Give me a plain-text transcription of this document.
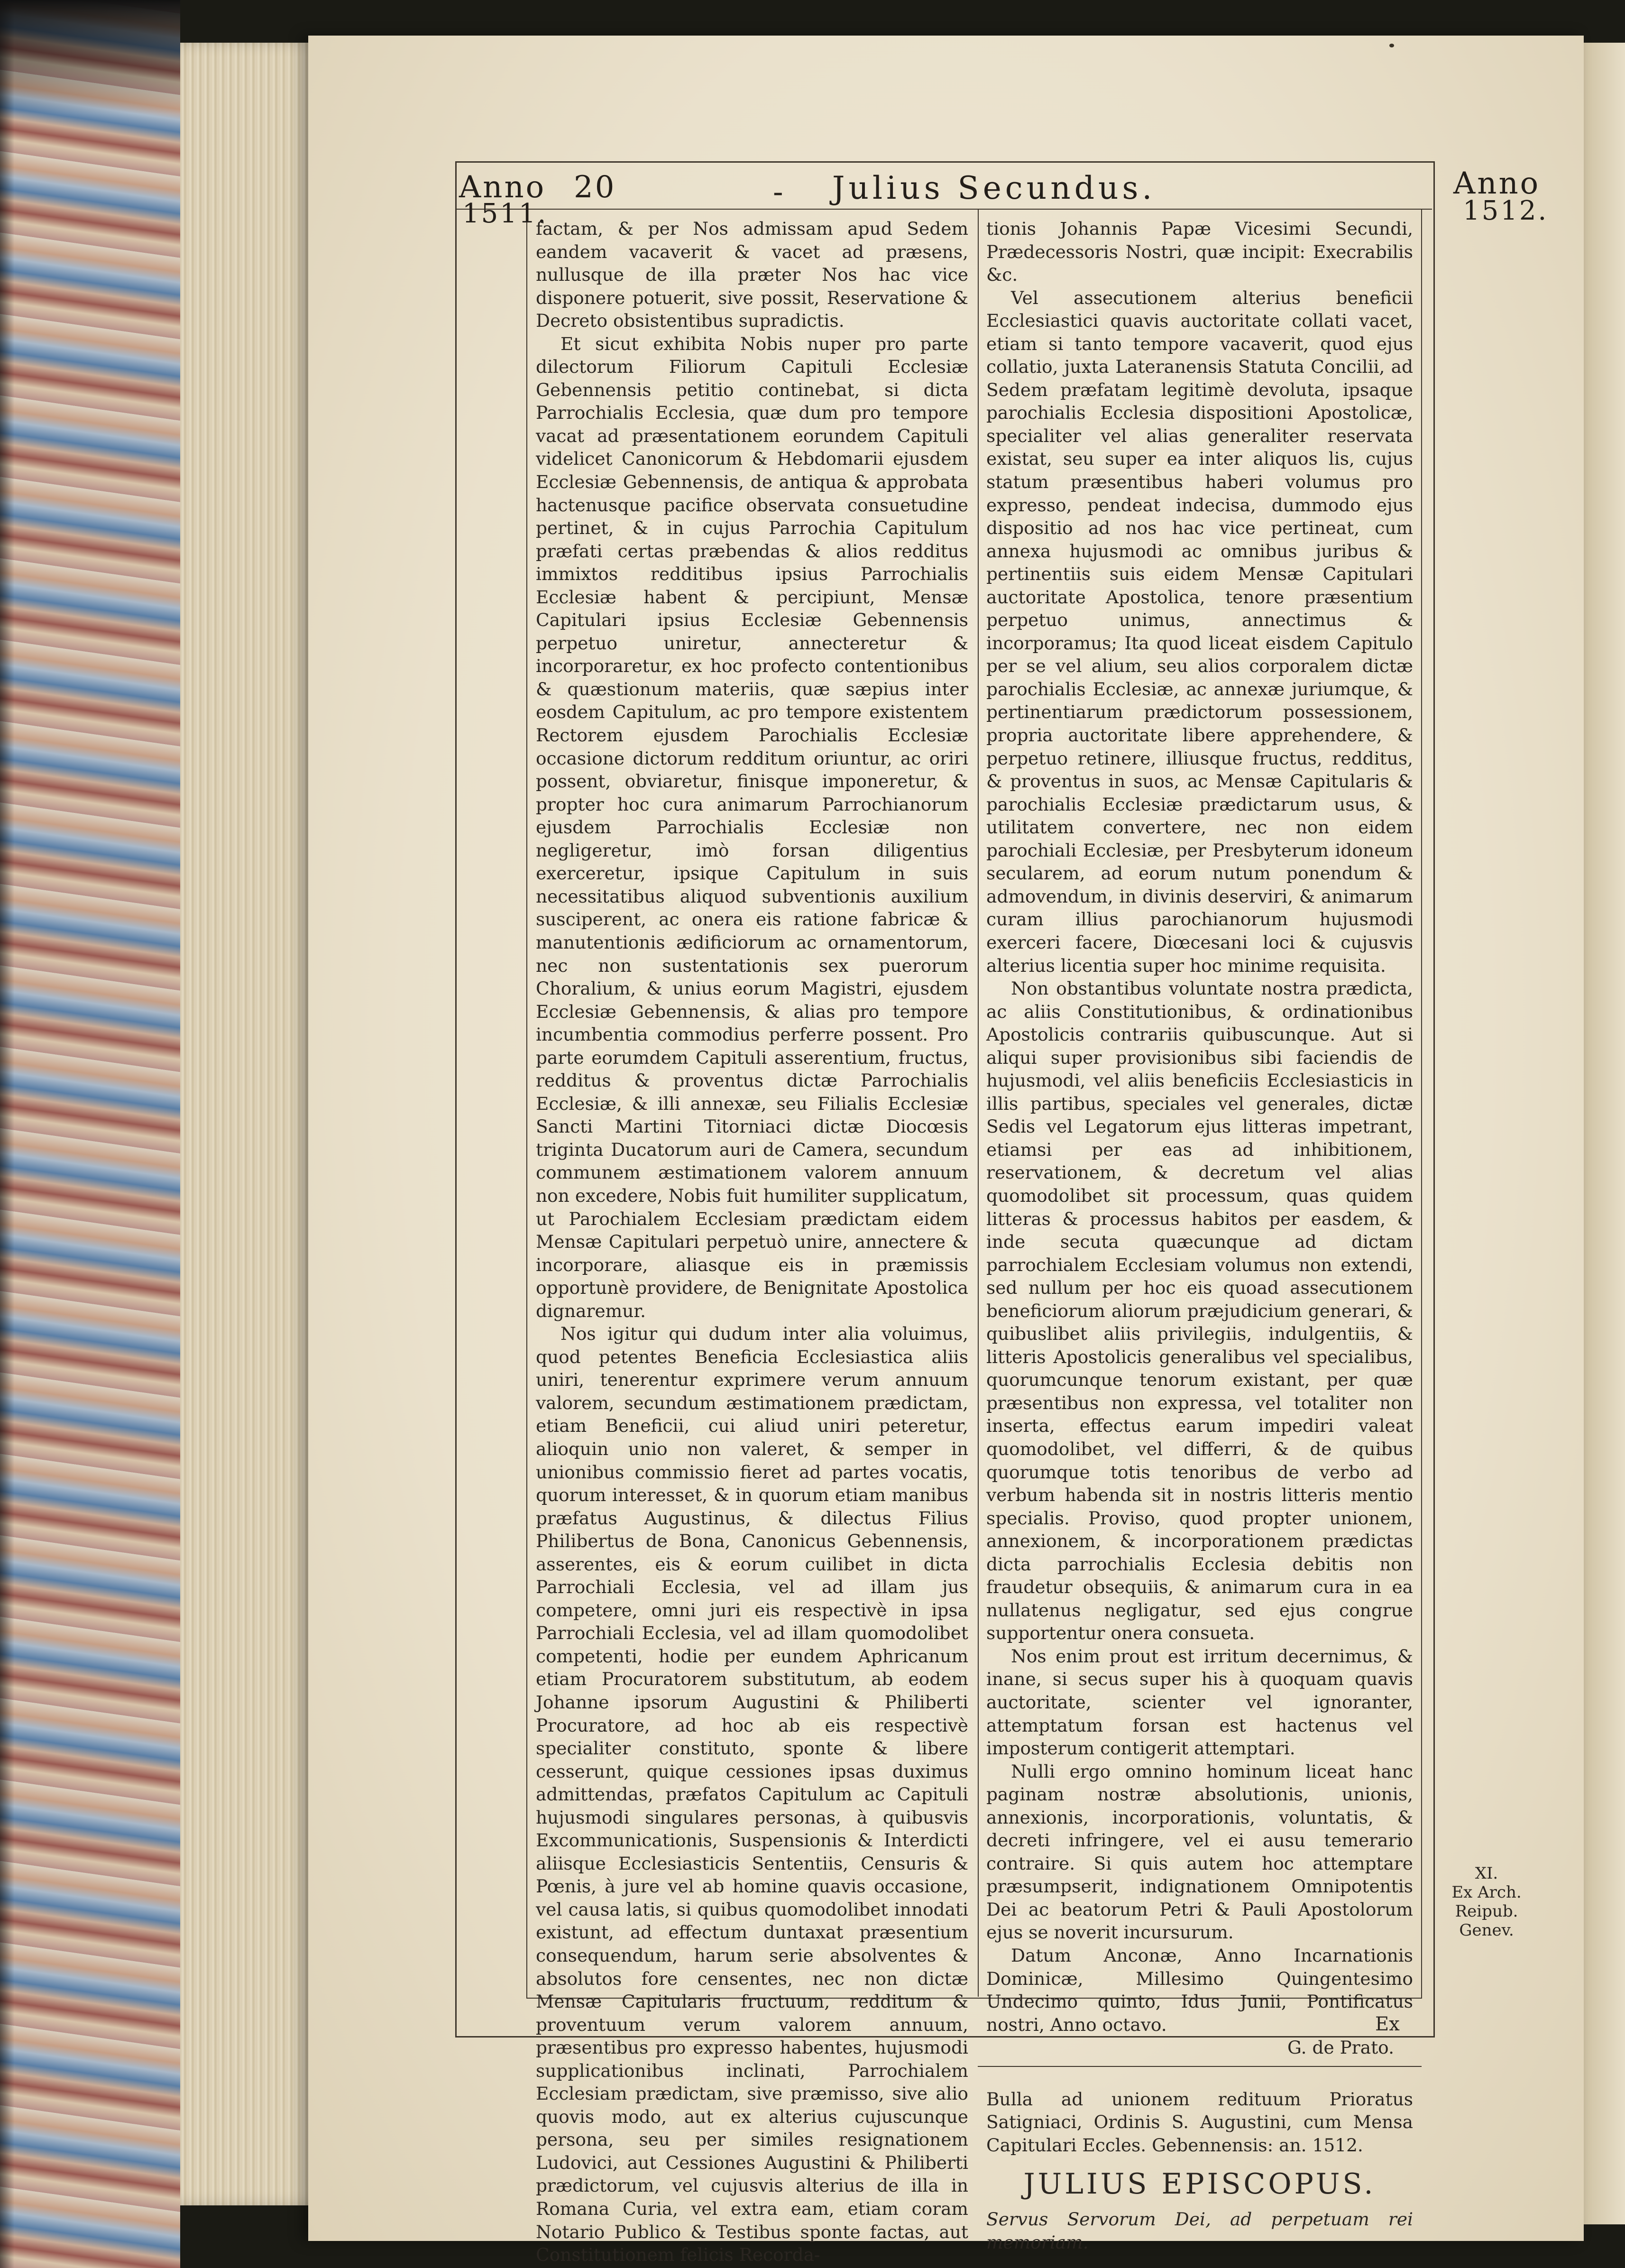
Anno
1511.
20	- Julius Secundus.	Anno
1512.

factam, & per Nos admissam apud Sedem eandem vacaverit & vacet ad præsens, nullusque de illa præter Nos hac vice disponere potuerit, sive possit, Reservatione & Decreto obsistentibus supradictis.

Et sicut exhibita Nobis nuper pro parte dilectorum Filiorum Capituli Ecclesiæ Gebennensis petitio continebat, si dicta Parrochialis Ecclesia, quæ dum pro tempore vacat ad præsentationem eorundem Capituli videlicet Canonicorum & Hebdomarii ejusdem Ecclesiæ Gebennensis, de antiqua & approbata hactenusque pacifice observata consuetudine pertinet, & in cujus Parrochia Capitulum præfati certas præbendas & alios redditus immixtos redditibus ipsius Parrochialis Ecclesiæ habent & percipiunt, Mensæ Capitulari ipsius Ecclesiæ Gebennensis perpetuo uniretur, annecteretur & incorporaretur, ex hoc profecto contentionibus & quæstionum materiis, quæ sæpius inter eosdem Capitulum, ac pro tempore existentem Rectorem ejusdem Parochialis Ecclesiæ occasione dictorum redditum oriuntur, ac oriri possent, obviaretur, finisque imponeretur, & propter hoc cura animarum Parrochianorum ejusdem Parrochialis Ecclesiæ non negligeretur, imò forsan diligentius exerceretur, ipsique Capitulum in suis necessitatibus aliquod subventionis auxilium susciperent, ac onera eis ratione fabricæ & manutentionis ædificiorum ac ornamentorum, nec non sustentationis sex puerorum Choralium, & unius eorum Magistri, ejusdem Ecclesiæ Gebennensis, & alias pro tempore incumbentia commodius perferre possent. Pro parte eorumdem Capituli asserentium, fructus, redditus & proventus dictæ Parrochialis Ecclesiæ, & illi annexæ, seu Filialis Ecclesiæ Sancti Martini Titorniaci dictæ Diocœsis triginta Ducatorum auri de Camera, secundum communem æstimationem valorem annuum non excedere, Nobis fuit humiliter supplicatum, ut Parochialem Ecclesiam prædictam eidem Mensæ Capitulari perpetuò unire, annectere & incorporare, aliasque eis in præmissis opportunè providere, de Benignitate Apostolica dignaremur.

Nos igitur qui dudum inter alia voluimus, quod petentes Beneficia Ecclesiastica aliis uniri, tenerentur exprimere verum annuum valorem, secundum æstimationem prædictam, etiam Beneficii, cui aliud uniri peteretur, alioquin unio non valeret, & semper in unionibus commissio fieret ad partes vocatis, quorum interesset, & in quorum etiam manibus præfatus Augustinus, & dilectus Filius Philibertus de Bona, Canonicus Gebennensis, asserentes, eis & eorum cuilibet in dicta Parrochiali Ecclesia, vel ad illam jus competere, omni juri eis respectivè in ipsa Parrochiali Ecclesia, vel ad illam quomodolibet competenti, hodie per eundem Aphricanum etiam Procuratorem substitutum, ab eodem Johanne ipsorum Augustini & Philiberti Procuratore, ad hoc ab eis respectivè specialiter constituto, sponte & libere cesserunt, quique cessiones ipsas duximus admittendas, præfatos Capitulum ac Capituli hujusmodi singulares personas, à quibusvis Excommunicationis, Suspensionis & Interdicti aliisque Ecclesiasticis Sententiis, Censuris & Pœnis, à jure vel ab homine quavis occasione, vel causa latis, si quibus quomodolibet innodati existunt, ad effectum duntaxat præsentium consequendum, harum serie absolventes & absolutos fore censentes, nec non dictæ Mensæ Capitularis fructuum, redditum & proventuum verum valorem annuum, præsentibus pro expresso habentes, hujusmodi supplicationibus inclinati, Parrochialem Ecclesiam prædictam, sive præmisso, sive alio quovis modo, aut ex alterius cujuscunque persona, seu per similes resignationem Ludovici, aut Cessiones Augustini & Philiberti prædictorum, vel cujusvis alterius de illa in Romana Curia, vel extra eam, etiam coram Notario Publico & Testibus sponte factas, aut Constitutionem felicis Recorda-

tionis Johannis Papæ Vicesimi Secundi, Prædecessoris Nostri, quæ incipit: Execrabilis &c.

Vel assecutionem alterius beneficii Ecclesiastici quavis auctoritate collati vacet, etiam si tanto tempore vacaverit, quod ejus collatio, juxta Lateranensis Statuta Concilii, ad Sedem præfatam legitimè devoluta, ipsaque parochialis Ecclesia dispositioni Apostolicæ, specialiter vel alias generaliter reservata existat, seu super ea inter aliquos lis, cujus statum præsentibus haberi volumus pro expresso, pendeat indecisa, dummodo ejus dispositio ad nos hac vice pertineat, cum annexa hujusmodi ac omnibus juribus & pertinentiis suis eidem Mensæ Capitulari auctoritate Apostolica, tenore præsentium perpetuo unimus, annectimus & incorporamus; Ita quod liceat eisdem Capitulo per se vel alium, seu alios corporalem dictæ parochialis Ecclesiæ, ac annexæ juriumque, & pertinentiarum prædictorum possessionem, propria auctoritate libere apprehendere, & perpetuo retinere, illiusque fructus, redditus, & proventus in suos, ac Mensæ Capitularis & parochialis Ecclesiæ prædictarum usus, & utilitatem convertere, nec non eidem parochiali Ecclesiæ, per Presbyterum idoneum secularem, ad eorum nutum ponendum & admovendum, in divinis deserviri, & animarum curam illius parochianorum hujusmodi exerceri facere, Diœcesani loci & cujusvis alterius licentia super hoc minime requisita.

Non obstantibus voluntate nostra prædicta, ac aliis Constitutionibus, & ordinationibus Apostolicis contrariis quibuscunque. Aut si aliqui super provisionibus sibi faciendis de hujusmodi, vel aliis beneficiis Ecclesiasticis in illis partibus, speciales vel generales, dictæ Sedis vel Legatorum ejus litteras impetrant, etiamsi per eas ad inhibitionem, reservationem, & decretum vel alias quomodolibet sit processum, quas quidem litteras & processus habitos per easdem, & inde secuta quæcunque ad dictam parrochialem Ecclesiam volumus non extendi, sed nullum per hoc eis quoad assecutionem beneficiorum aliorum præjudicium generari, & quibuslibet aliis privilegiis, indulgentiis, & litteris Apostolicis generalibus vel specialibus, quorumcunque tenorum existant, per quæ præsentibus non expressa, vel totaliter non inserta, effectus earum impediri valeat quomodolibet, vel differri, & de quibus quorumque totis tenoribus de verbo ad verbum habenda sit in nostris litteris mentio specialis. Proviso, quod propter unionem, annexionem, & incorporationem prædictas dicta parrochialis Ecclesia debitis non fraudetur obsequiis, & animarum cura in ea nullatenus negligatur, sed ejus congrue supportentur onera consueta.

Nos enim prout est irritum decernimus, & inane, si secus super his à quoquam quavis auctoritate, scienter vel ignoranter, attemptatum forsan est hactenus vel imposterum contigerit attemptari.

Nulli ergo omnino hominum liceat hanc paginam nostræ absolutionis, unionis, annexionis, incorporationis, voluntatis, & decreti infringere, vel ei ausu temerario contraire. Si quis autem hoc attemptare præsumpserit, indignationem Omnipotentis Dei ac beatorum Petri & Pauli Apostolorum ejus se noverit incursurum.

Datum Anconæ, Anno Incarnationis Dominicæ, Millesimo Quingentesimo Undecimo quinto, Idus Junii, Pontificatus nostri, Anno octavo.

G. de Prato.

Bulla ad unionem redituum Prioratus Satigniaci, Ordinis S. Augustini, cum Mensa Capitulari Eccles. Gebennensis: an. 1512.

JULIUS EPISCOPUS.

Servus Servorum Dei, ad perpetuam rei memoriam.

XI.
Ex Arch.
Reipub.
Genev.
Ex
